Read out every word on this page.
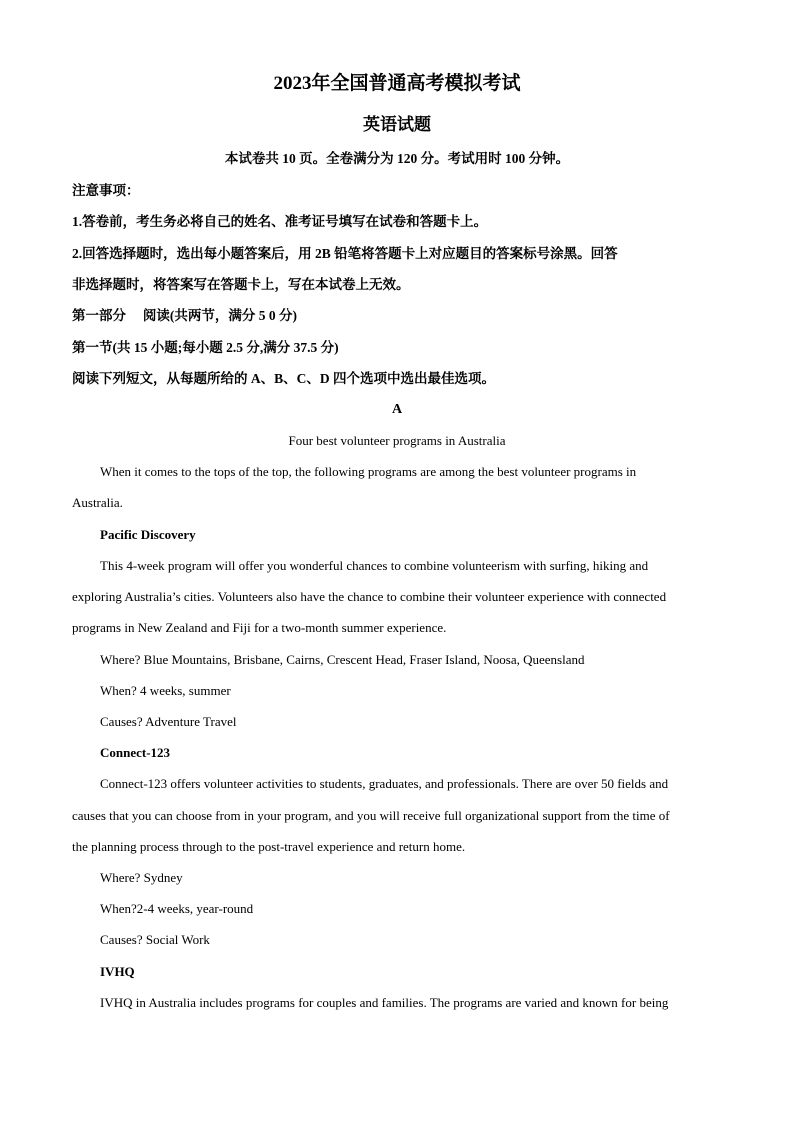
2023年全国普通高考模拟考试
英语试题
本试卷共 10 页。全卷满分为 120 分。考试用时 100 分钟。
注意事项：
1.答卷前，考生务必将自己的姓名、准考证号填写在试卷和答题卡上。
2.回答选择题时，选出每小题答案后，用 2B 铅笔将答题卡上对应题目的答案标号涂黑。回答
非选择题时，将答案写在答题卡上，写在本试卷上无效。
第一部分　 阅读(共两节，满分 5 0 分)
第一节(共 15 小题;每小题 2.5 分,满分 37.5 分)
阅读下列短文，从每题所给的 A、B、C、D 四个选项中选出最佳选项。
A
Four best volunteer programs in Australia
When it comes to the tops of the top, the following programs are among the best volunteer programs in
Australia.
Pacific Discovery
This 4-week program will offer you wonderful chances to combine volunteerism with surfing, hiking and
exploring Australia’s cities. Volunteers also have the chance to combine their volunteer experience with connected
programs in New Zealand and Fiji for a two-month summer experience.
Where? Blue Mountains, Brisbane, Cairns, Crescent Head, Fraser Island, Noosa, Queensland
When? 4 weeks, summer
Causes? Adventure Travel
Connect-123
Connect-123 offers volunteer activities to students, graduates, and professionals. There are over 50 fields and
causes that you can choose from in your program, and you will receive full organizational support from the time of
the planning process through to the post-travel experience and return home.
Where? Sydney
When?2-4 weeks, year-round
Causes? Social Work
IVHQ
IVHQ in Australia includes programs for couples and families. The programs are varied and known for being
